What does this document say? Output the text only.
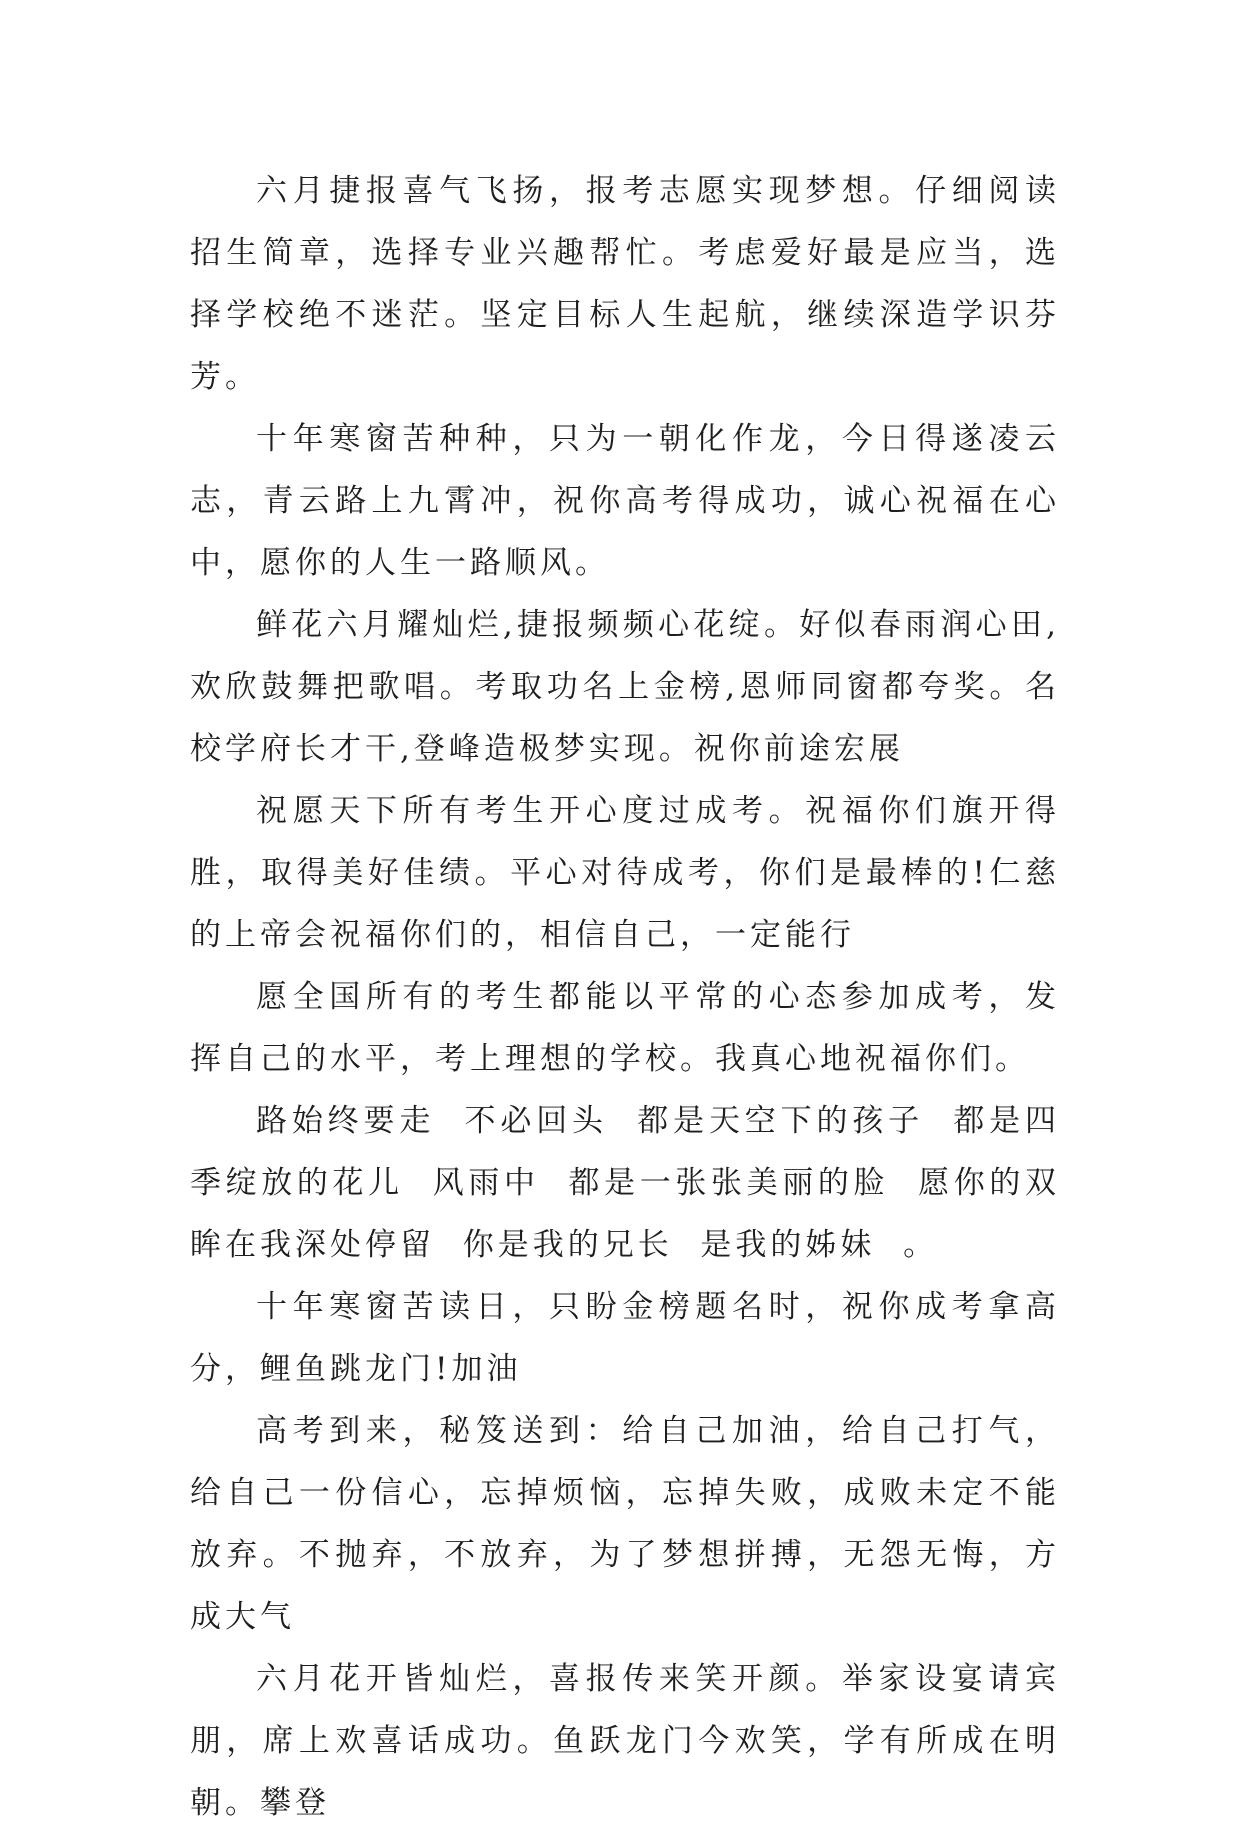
六月捷报喜气飞扬，报考志愿实现梦想。仔细阅读招生简章，选择专业兴趣帮忙。考虑爱好最是应当，选择学校绝不迷茫。坚定目标人生起航，继续深造学识芬芳。

十年寒窗苦种种，只为一朝化作龙，今日得遂凌云志，青云路上九霄冲，祝你高考得成功，诚心祝福在心中，愿你的人生一路顺风。

鲜花六月耀灿烂,捷报频频心花绽。好似春雨润心田,欢欣鼓舞把歌唱。考取功名上金榜,恩师同窗都夸奖。名校学府长才干,登峰造极梦实现。祝你前途宏展

祝愿天下所有考生开心度过成考。祝福你们旗开得胜，取得美好佳绩。平心对待成考，你们是最棒的!仁慈的上帝会祝福你们的，相信自己，一定能行

愿全国所有的考生都能以平常的心态参加成考，发挥自己的水平，考上理想的学校。我真心地祝福你们。

路始终要走  不必回头  都是天空下的孩子  都是四季绽放的花儿  风雨中  都是一张张美丽的脸  愿你的双眸在我深处停留  你是我的兄长  是我的姊妹  。

十年寒窗苦读日，只盼金榜题名时，祝你成考拿高分，鲤鱼跳龙门!加油

高考到来，秘笈送到：给自己加油，给自己打气，给自己一份信心，忘掉烦恼，忘掉失败，成败未定不能放弃。不抛弃，不放弃，为了梦想拼搏，无怨无悔，方成大气

六月花开皆灿烂，喜报传来笑开颜。举家设宴请宾朋，席上欢喜话成功。鱼跃龙门今欢笑，学有所成在明朝。攀登
